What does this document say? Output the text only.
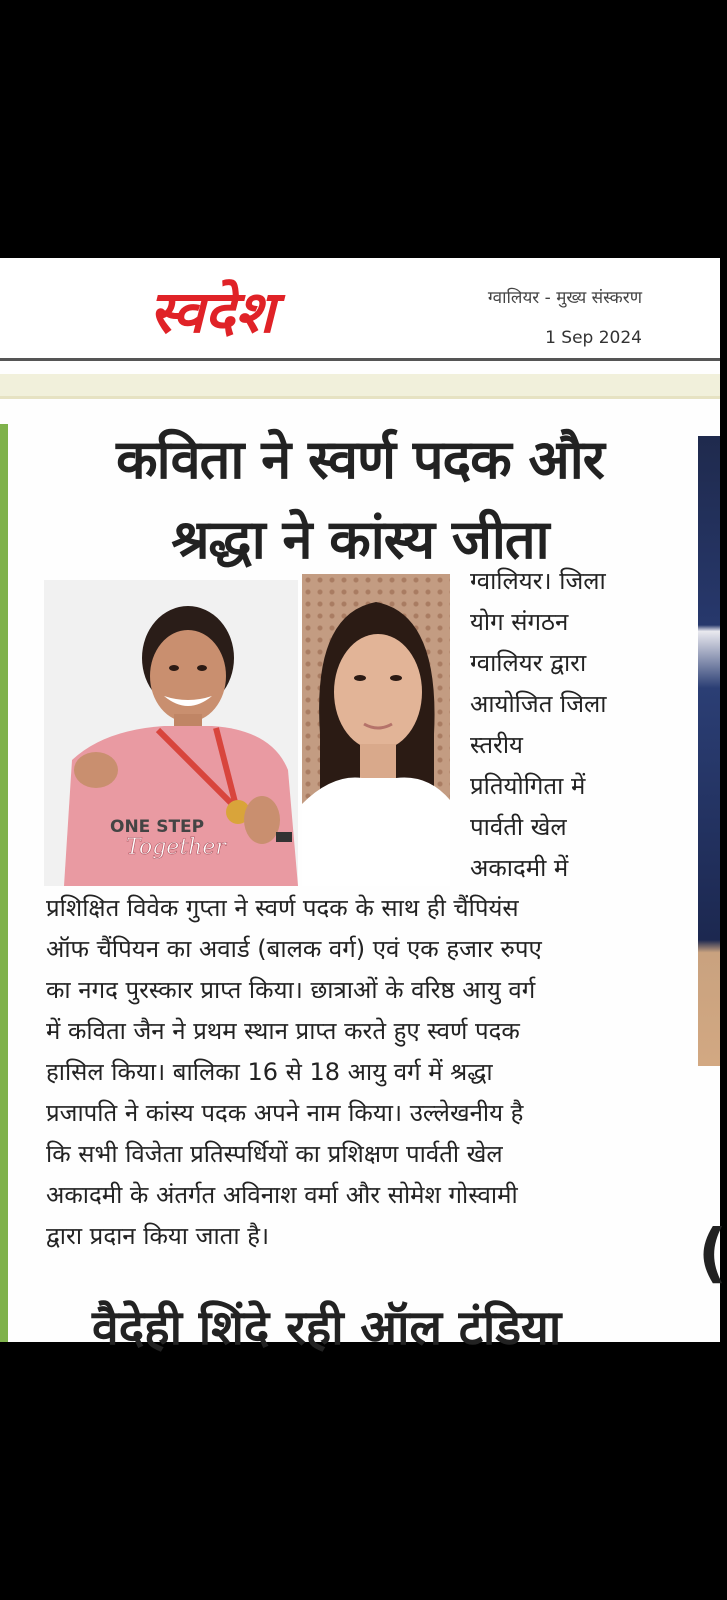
स्वदेश	ग्वालियर - मुख्य संस्करण
1 Sep 2024
(
कविता ने स्वर्ण पदक और
श्रद्धा ने कांस्य जीता
ONE STEP
Together
ग्वालियर। जिला
योग संगठन
ग्वालियर द्वारा
आयोजित जिला
स्तरीय
प्रतियोगिता में
पार्वती खेल
अकादमी में
प्रशिक्षित विवेक गुप्ता ने स्वर्ण पदक के साथ ही चैंपियंस
ऑफ चैंपियन का अवार्ड (बालक वर्ग) एवं एक हजार रुपए
का नगद पुरस्कार प्राप्त किया। छात्राओं के वरिष्ठ आयु वर्ग
में कविता जैन ने प्रथम स्थान प्राप्त करते हुए स्वर्ण पदक
हासिल किया। बालिका 16 से 18 आयु वर्ग में श्रद्धा
प्रजापति ने कांस्य पदक अपने नाम किया। उल्लेखनीय है
कि सभी विजेता प्रतिस्पर्धियों का प्रशिक्षण पार्वती खेल
अकादमी के अंतर्गत अविनाश वर्मा और सोमेश गोस्वामी
द्वारा प्रदान किया जाता है।
वैदेही शिंदे रही ऑल टंडिया
